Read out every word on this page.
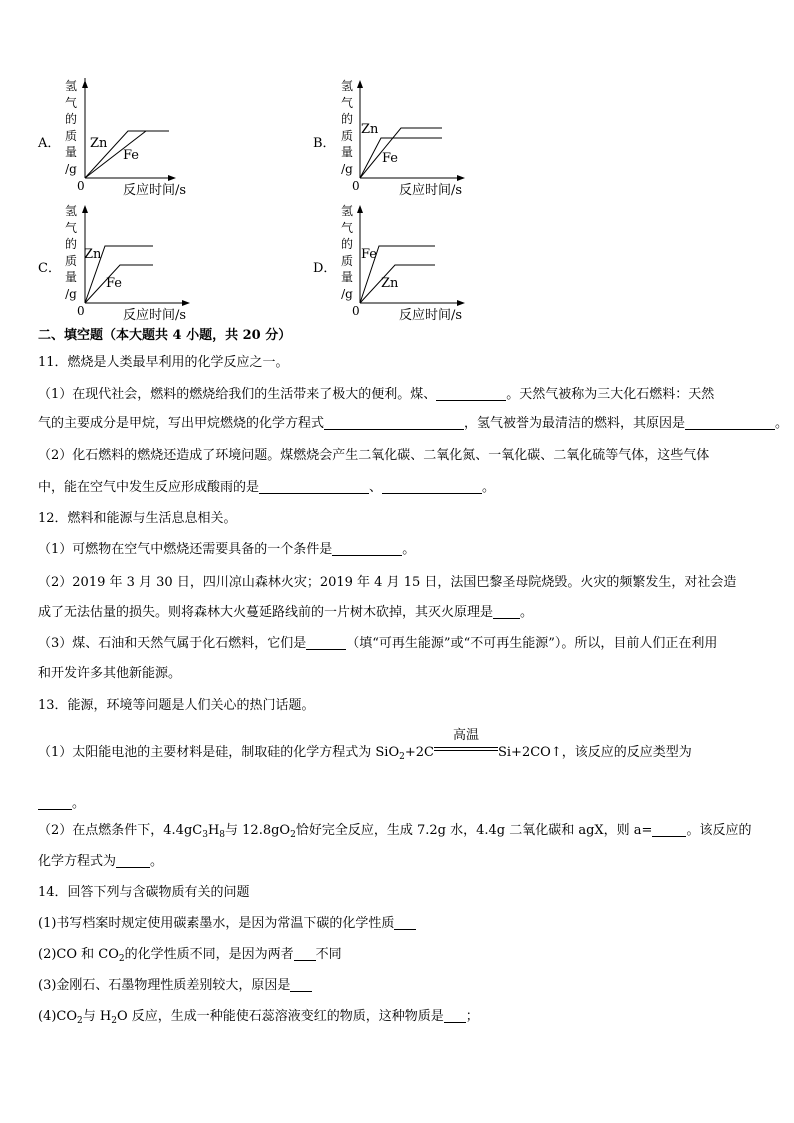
A．	B．
C．	D．
氢
气
的
质
量
/g
氢
气
的
质
量
/g
氢
气
的
质
量
/g
氢
气
的
质
量
/g
Zn
Fe
0	反应时间/s
Zn
Fe
0	反应时间/s
Zn
Fe
0	反应时间/s
Fe
Zn
0	反应时间/s
二、填空题（本大题共 4 小题，共 20 分）
11．燃烧是人类最早利用的化学反应之一。
（1）在现代社会，燃料的燃烧给我们的生活带来了极大的便利。煤、	。天然气被称为三大化石燃料：天然
气的主要成分是甲烷，写出甲烷燃烧的化学方程式	，氢气被誉为最清洁的燃料，其原因是	。
（2）化石燃料的燃烧还造成了环境问题。煤燃烧会产生二氧化碳、二氧化氮、一氧化碳、二氧化硫等气体，这些气体
中，能在空气中发生反应形成酸雨的是	、	。
12．燃料和能源与生活息息相关。
（1）可燃物在空气中燃烧还需要具备的一个条件是	。
（2）2019 年 3 月 30 日，四川凉山森林火灾；2019 年 4 月 15 日，法国巴黎圣母院烧毁。火灾的频繁发生，对社会造
成了无法估量的损失。则将森林大火蔓延路线前的一片树木砍掉，其灭火原理是 。
（3）煤、石油和天然气属于化石燃料，它们是	（填“可再生能源”或“不可再生能源”）。所以，目前人们正在利用
和开发许多其他新能源。
13．能源，环境等问题是人们关心的热门话题。
（1）太阳能电池的主要材料是硅，制取硅的化学方程式为 SiO$_2$+2C
高温
Si+2CO↑，该反应的反应类型为
。
（2）在点燃条件下，$4.4gC_3H_8$与 $12.8gO_2$恰好完全反应，生成 7.2g 水，4.4g 二氧化碳和 agX，则 a=	。该反应的
化学方程式为	。
14．回答下列与含碳物质有关的问题
(1)书写档案时规定使用碳素墨水，是因为常温下碳的化学性质
(2)CO 和 $CO_2$的化学性质不同，是因为两者 不同
(3)金刚石、石墨物理性质差别较大，原因是
$(4)CO_2$与 $H_2O$ 反应，生成一种能使石蕊溶液变红的物质，这种物质是 ；
